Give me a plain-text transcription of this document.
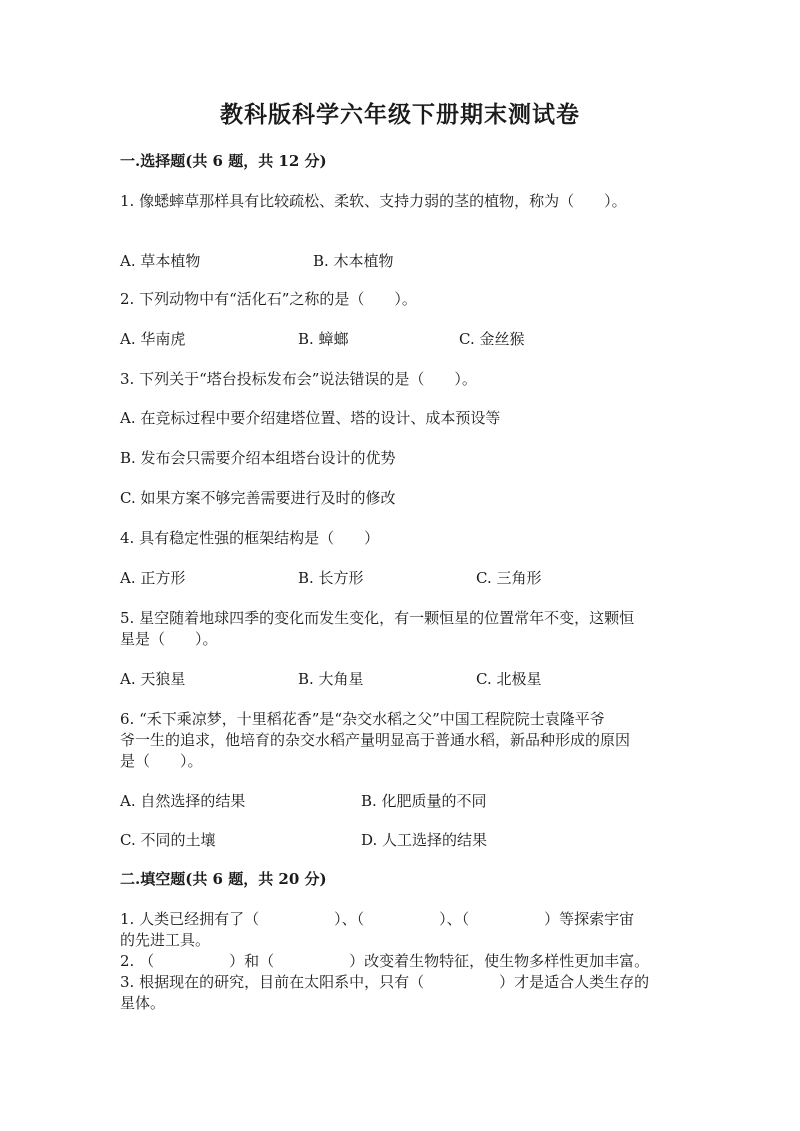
教科版科学六年级下册期末测试卷
一.选择题(共 6 题，共 12 分)
1. 像蟋蟀草那样具有比较疏松、柔软、支持力弱的茎的植物，称为（　　）。
A. 草本植物	B. 木本植物
2. 下列动物中有“活化石”之称的是（　　）。
A. 华南虎	B. 蟑螂	C. 金丝猴
3. 下列关于“塔台投标发布会”说法错误的是（　　）。
A. 在竞标过程中要介绍建塔位置、塔的设计、成本预设等
B. 发布会只需要介绍本组塔台设计的优势
C. 如果方案不够完善需要进行及时的修改
4. 具有稳定性强的框架结构是（　　）
A. 正方形	B. 长方形	C. 三角形
5. 星空随着地球四季的变化而发生变化，有一颗恒星的位置常年不变，这颗恒
星是（　　）。
A. 天狼星	B. 大角星	C. 北极星
6. “禾下乘凉梦，十里稻花香”是“杂交水稻之父”中国工程院院士袁隆平爷
爷一生的追求，他培育的杂交水稻产量明显高于普通水稻，新品种形成的原因
是（　　）。
A. 自然选择的结果	B. 化肥质量的不同
C. 不同的土壤	D. 人工选择的结果
二.填空题(共 6 题，共 20 分)
1. 人类已经拥有了（　　　　　）、（　　　　　）、（　　　　　）等探索宇宙
的先进工具。
2. （　　　　　）和（　　　　　）改变着生物特征，使生物多样性更加丰富。
3. 根据现在的研究，目前在太阳系中，只有（　　　　　）才是适合人类生存的
星体。
